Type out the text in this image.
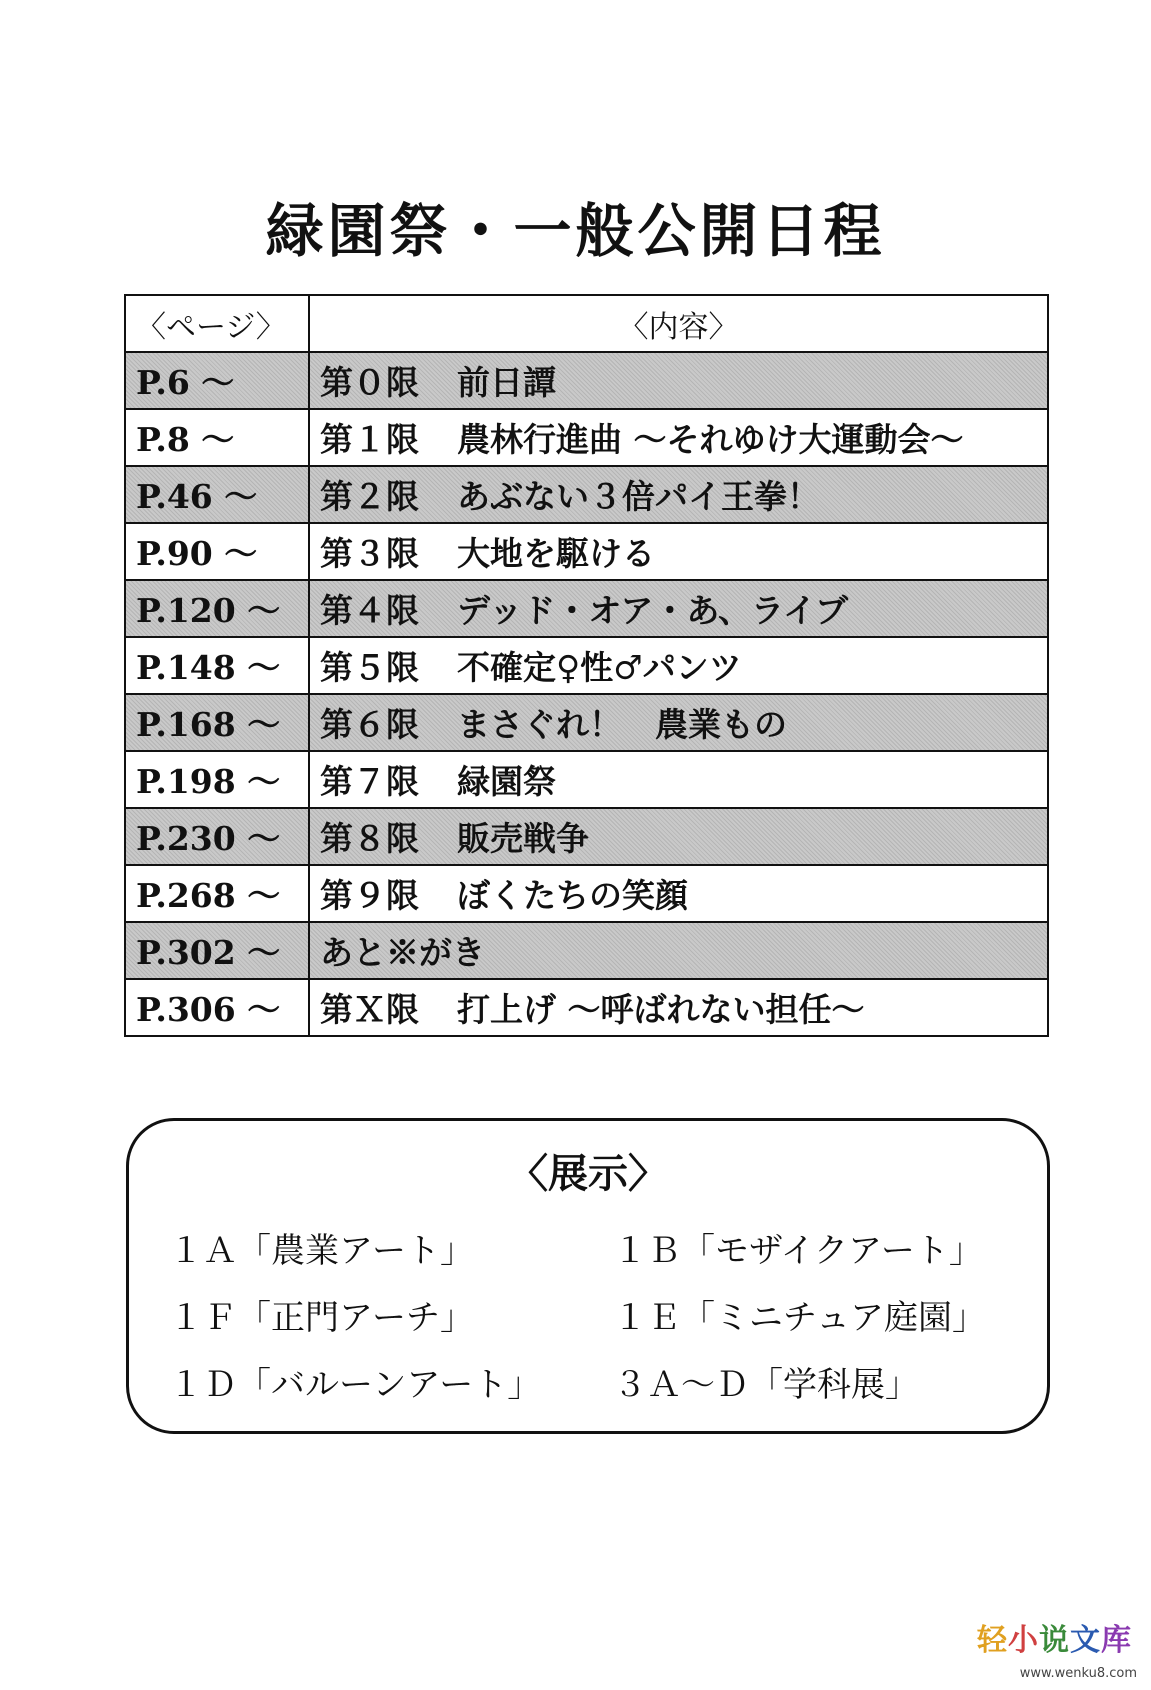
緑園祭・一般公開日程
〈ページ〉	〈内容〉
P.6 ～	第０限 前日譚
P.8 ～	第１限 農林行進曲 ～それゆけ大運動会～
P.46 ～	第２限 あぶない３倍パイ王拳！
P.90 ～	第３限 大地を駆ける
P.120 ～	第４限 デッド・オア・あ、ライブ
P.148 ～	第５限 不確定♀性♂パンツ
P.168 ～	第６限 まさぐれ！　農業もの
P.198 ～	第７限 緑園祭
P.230 ～	第８限 販売戦争
P.268 ～	第９限 ぼくたちの笑顔
P.302 ～	あと※がき
P.306 ～	第Ｘ限 打上げ ～呼ばれない担任～
〈展示〉
１Ａ「農業アート」	１Ｂ「モザイクアート」
１Ｆ「正門アーチ」	１Ｅ「ミニチュア庭園」
１Ｄ「バルーンアート」 ３Ａ～Ｄ「学科展」
轻小说文库
www.wenku8.com
